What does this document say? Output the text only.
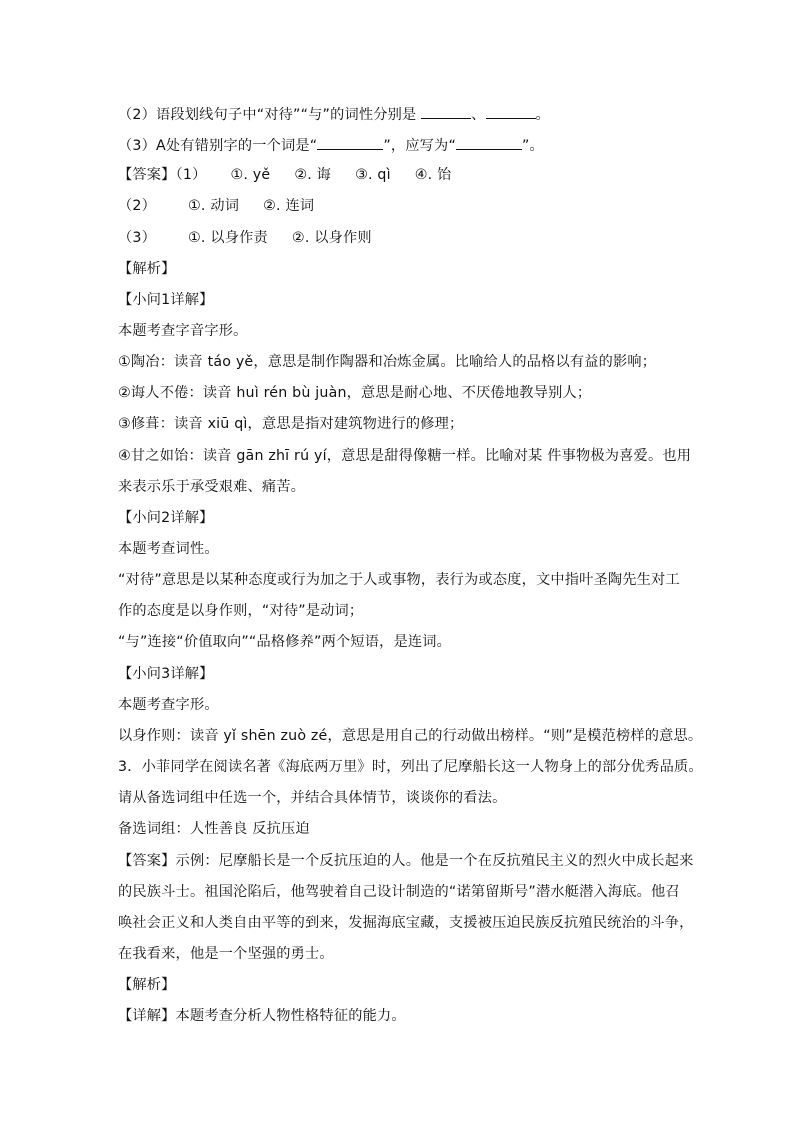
（2）语段划线句子中“对待”“与”的词性分别是	、	。
（3）A处有错别字的一个词是“	”，应写为“	”。
【答案】（1） ①. yě ②. 诲 ③. qì ④. 饴
（2） ①. 动词 ②. 连词
（3） ①. 以身作责 ②. 以身作则
【解析】
【小问1详解】
本题考查字音字形。
①陶冶：读音 táo yě，意思是制作陶器和冶炼金属。比喻给人的品格以有益的影响；
②诲人不倦：读音 huì rén bù juàn，意思是耐心地、不厌倦地教导别人；
③修葺：读音 xiū qì，意思是指对建筑物进行的修理；
④甘之如饴：读音 gān zhī rú yí，意思是甜得像糖一样。比喻对某 件事物极为喜爱。也用
来表示乐于承受艰难、痛苦。
【小问2详解】
本题考查词性。
“对待”意思是以某种态度或行为加之于人或事物，表行为或态度，文中指叶圣陶先生对工
作的态度是以身作则，“对待”是动词；
“与”连接“价值取向”“品格修养”两个短语，是连词。
【小问3详解】
本题考查字形。
以身作则：读音 yǐ shēn zuò zé，意思是用自己的行动做出榜样。“则”是模范榜样的意思。
3．小菲同学在阅读名著《海底两万里》时，列出了尼摩船长这一人物身上的部分优秀品质。
请从备选词组中任选一个，并结合具体情节，谈谈你的看法。
备选词组：人性善良 反抗压迫
【答案】示例：尼摩船长是一个反抗压迫的人。他是一个在反抗殖民主义的烈火中成长起来
的民族斗士。祖国沦陷后，他驾驶着自己设计制造的“诺第留斯号”潜水艇潜入海底。他召
唤社会正义和人类自由平等的到来，发掘海底宝藏，支援被压迫民族反抗殖民统治的斗争，
在我看来，他是一个坚强的勇士。
【解析】
【详解】本题考查分析人物性格特征的能力。
